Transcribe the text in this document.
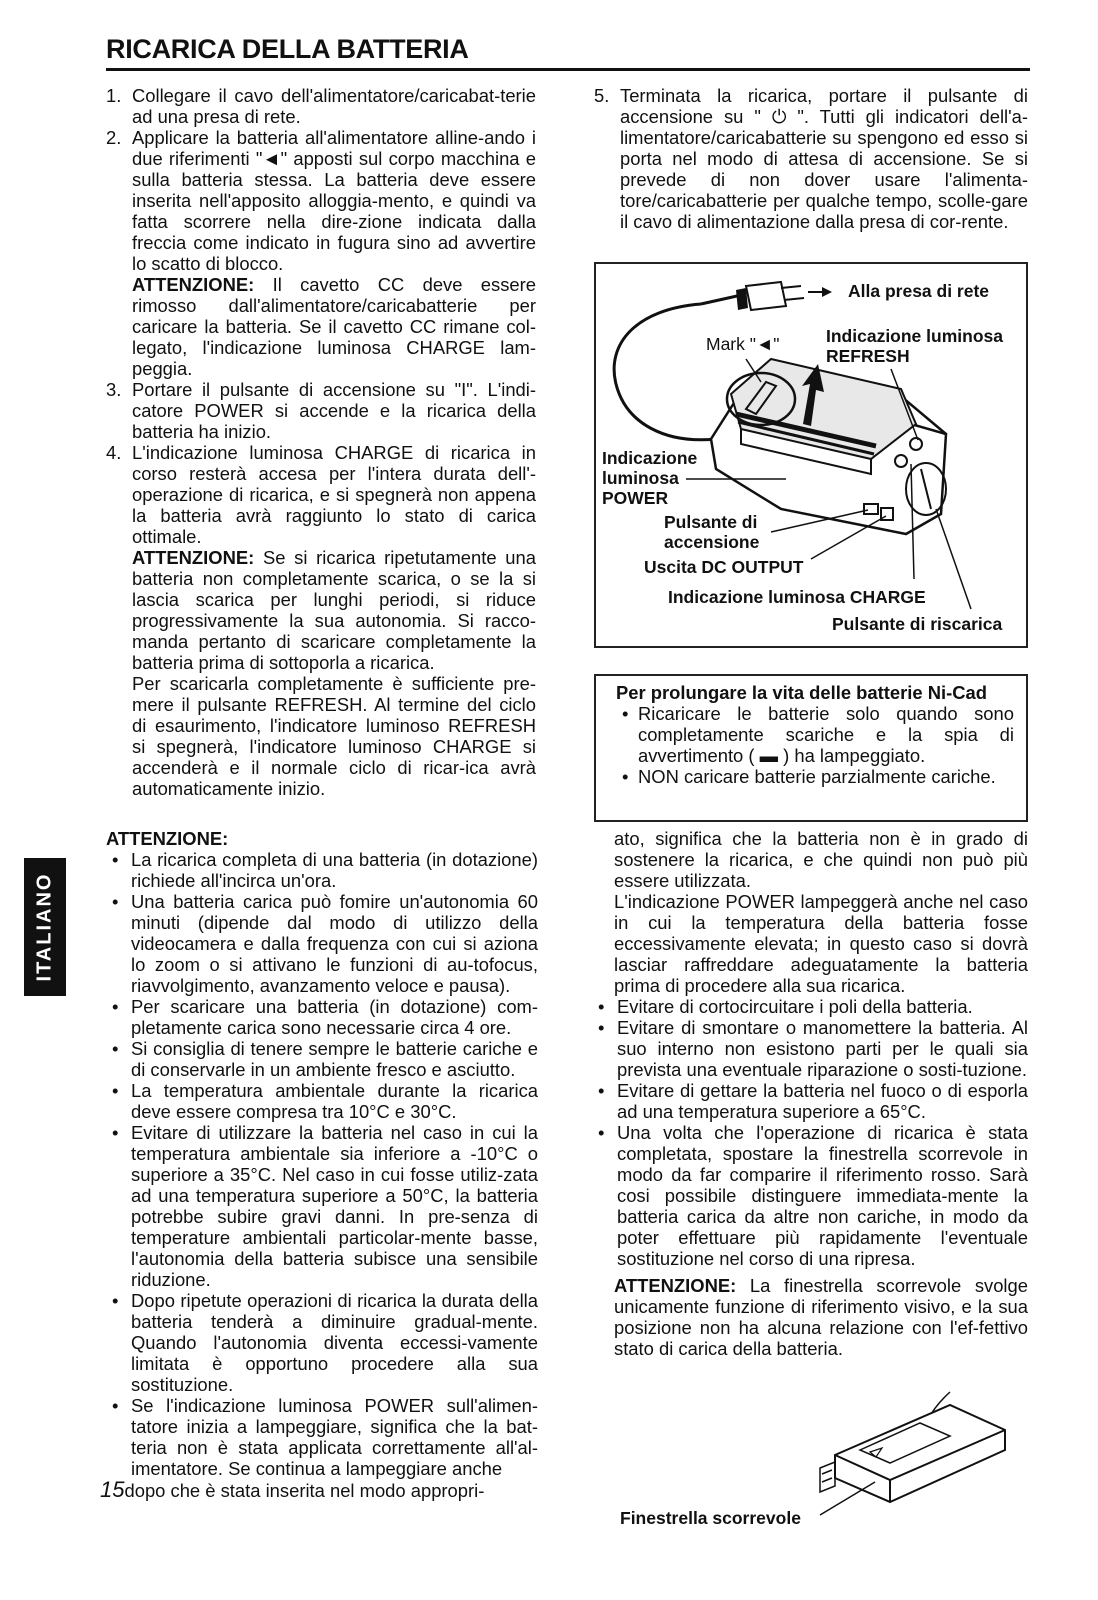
RICARICA DELLA BATTERIA
ITALIANO
1. Collegare il cavo dell'alimentatore/caricabat-terie ad una presa di rete.
2. Applicare la batteria all'alimentatore alline-ando i due riferimenti "◄" apposti sul corpo macchina e sulla batteria stessa. La batteria deve essere inserita nell'apposito alloggia-mento, e quindi va fatta scorrere nella dire-zione indicata dalla freccia come indicato in fugura sino ad avvertire lo scatto di blocco.
ATTENZIONE: Il cavetto CC deve essere rimosso dall'alimentatore/caricabatterie per caricare la batteria. Se il cavetto CC rimane col-legato, l'indicazione luminosa CHARGE lam-peggia.
3. Portare il pulsante di accensione su "I". L'indi-catore POWER si accende e la ricarica della batteria ha inizio.
4. L'indicazione luminosa CHARGE di ricarica in corso resterà accesa per l'intera durata dell'-operazione di ricarica, e si spegnerà non appena la batteria avrà raggiunto lo stato di carica ottimale.
ATTENZIONE: Se si ricarica ripetutamente una batteria non completamente scarica, o se la si lascia scarica per lunghi periodi, si riduce progressivamente la sua autonomia. Si racco-manda pertanto di scaricare completamente la batteria prima di sottoporla a ricarica.
Per scaricarla completamente è sufficiente pre-mere il pulsante REFRESH. Al termine del ciclo di esaurimento, l'indicatore luminoso REFRESH si spegnerà, l'indicatore luminoso CHARGE si accenderà e il normale ciclo di ricar-ica avrà automaticamente inizio.
5. Terminata la ricarica, portare il pulsante di accensione su " ⏻ ". Tutti gli indicatori dell'a-limentatore/caricabatterie su spengono ed esso si porta nel modo di attesa di accensione. Se si prevede di non dover usare l'alimenta-tore/caricabatterie per qualche tempo, scolle-gare il cavo di alimentazione dalla presa di cor-rente.
Alla presa di rete
Mark "◄"	Indicazione luminosa REFRESH
Indicazione luminosa POWER
Pulsante di accensione
Uscita DC OUTPUT
Indicazione luminosa CHARGE
Pulsante di riscarica
Per prolungare la vita delle batterie Ni-Cad
• Ricaricare le batterie solo quando sono completamente scariche e la spia di avvertimento ( ▬ ) ha lampeggiato.
• NON caricare batterie parzialmente cariche.
ATTENZIONE:
• La ricarica completa di una batteria (in dotazione) richiede all'incirca un'ora.
• Una batteria carica può fomire un'autonomia 60 minuti (dipende dal modo di utilizzo della videocamera e dalla frequenza con cui si aziona lo zoom o si attivano le funzioni di au-tofocus, riavvolgimento, avanzamento veloce e pausa).
• Per scaricare una batteria (in dotazione) com-pletamente carica sono necessarie circa 4 ore.
• Si consiglia di tenere sempre le batterie cariche e di conservarle in un ambiente fresco e asciutto.
• La temperatura ambientale durante la ricarica deve essere compresa tra 10°C e 30°C.
• Evitare di utilizzare la batteria nel caso in cui la temperatura ambientale sia inferiore a -10°C o superiore a 35°C. Nel caso in cui fosse utiliz-zata ad una temperatura superiore a 50°C, la batteria potrebbe subire gravi danni. In pre-senza di temperature ambientali particolar-mente basse, l'autonomia della batteria subisce una sensibile riduzione.
• Dopo ripetute operazioni di ricarica la durata della batteria tenderà a diminuire gradual-mente. Quando l'autonomia diventa eccessi-vamente limitata è opportuno procedere alla sua sostituzione.
• Se l'indicazione luminosa POWER sull'alimen-tatore inizia a lampeggiare, significa che la bat-teria non è stata applicata correttamente all'al-imentatore. Se continua a lampeggiare anche
15dopo che è stata inserita nel modo appropri-

ato, significa che la batteria non è in grado di sostenere la ricarica, e che quindi non può più essere utilizzata.

L'indicazione POWER lampeggerà anche nel caso in cui la temperatura della batteria fosse eccessivamente elevata; in questo caso si dovrà lasciar raffreddare adeguatamente la batteria prima di procedere alla sua ricarica.

• Evitare di cortocircuitare i poli della batteria.
• Evitare di smontare o manomettere la batteria. Al suo interno non esistono parti per le quali sia prevista una eventuale riparazione o sosti-tuzione.
• Evitare di gettare la batteria nel fuoco o di esporla ad una temperatura superiore a 65°C.
• Una volta che l'operazione di ricarica è stata completata, spostare la finestrella scorrevole in modo da far comparire il riferimento rosso. Sarà cosi possibile distinguere immediata-mente la batteria carica da altre non cariche, in modo da poter effettuare più rapidamente l'eventuale sostituzione nel corso di una ripresa.

ATTENZIONE: La finestrella scorrevole svolge unicamente funzione di riferimento visivo, e la sua posizione non ha alcuna relazione con l'ef-fettivo stato di carica della batteria.

Finestrella scorrevole
